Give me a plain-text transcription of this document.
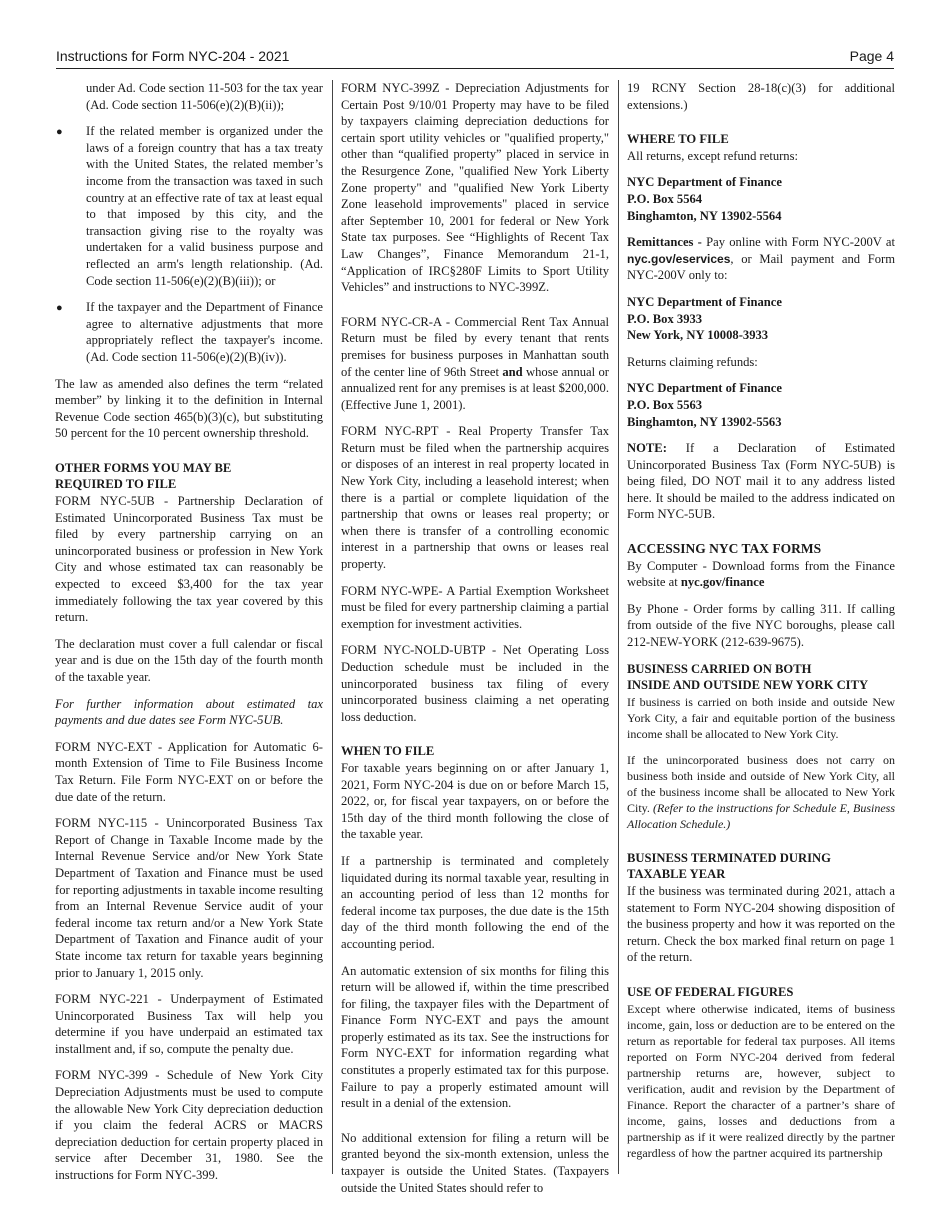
Instructions for Form NYC-204 - 2021	Page 4

under Ad. Code section 11-503 for the tax year (Ad. Code section 11-506(e)(2)(B)(ii));

● If the related member is organized under the laws of a foreign country that has a tax treaty with the United States, the related member’s income from the transaction was taxed in such country at an effective rate of tax at least equal to that imposed by this city, and the transaction giving rise to the royalty was undertaken for a valid business purpose and reflected an arm's length relationship. (Ad. Code section 11-506(e)(2)(B)(iii)); or
● If the taxpayer and the Department of Finance agree to alternative adjustments that more appropriately reflect the taxpayer's income. (Ad. Code section 11-506(e)(2)(B)(iv)).

The law as amended also defines the term “related member” by linking it to the definition in Internal Revenue Code section 465(b)(3)(c), but substituting 50 percent for the 10 percent ownership threshold.

OTHER FORMS YOU MAY BE
REQUIRED TO FILE

FORM NYC-5UB - Partnership Declaration of Estimated Unincorporated Business Tax must be filed by every partnership carrying on an unincorporated business or profession in New York City and whose estimated tax can reasonably be expected to exceed $3,400 for the tax year immediately following the tax year covered by this return.

The declaration must cover a full calendar or fiscal year and is due on the 15th day of the fourth month of the taxable year.

For further information about estimated tax payments and due dates see Form NYC-5UB.

FORM NYC-EXT - Application for Automatic 6-month Extension of Time to File Business Income Tax Return. File Form NYC-EXT on or before the due date of the return.

FORM NYC-115 - Unincorporated Business Tax Report of Change in Taxable Income made by the Internal Revenue Service and/or New York State Department of Taxation and Finance must be used for reporting adjustments in taxable income resulting from an Internal Revenue Service audit of your federal income tax return and/or a New York State Department of Taxation and Finance audit of your State income tax return for taxable years beginning prior to January 1, 2015 only.

FORM NYC-221 - Underpayment of Estimated Unincorporated Business Tax will help you determine if you have underpaid an estimated tax installment and, if so, compute the penalty due.

FORM NYC-399 - Schedule of New York City Depreciation Adjustments must be used to compute the allowable New York City depreciation deduction if you claim the federal ACRS or MACRS depreciation deduction for certain property placed in service after December 31, 1980. See the instructions for Form NYC-399.

FORM NYC-399Z - Depreciation Adjustments for Certain Post 9/10/01 Property may have to be filed by taxpayers claiming depreciation deductions for certain sport utility vehicles or "qualified property," other than “qualified property” placed in service in the Resurgence Zone, "qualified New York Liberty Zone property" and "qualified New York Liberty Zone leasehold improvements" placed in service after September 10, 2001 for federal or New York State tax purposes. See “Highlights of Recent Tax Law Changes”, Finance Memorandum 21-1, “Application of IRC§280F Limits to Sport Utility Vehicles” and instructions to NYC-399Z.

FORM NYC-CR-A - Commercial Rent Tax Annual Return must be filed by every tenant that rents premises for business purposes in Manhattan south of the center line of 96th Street and whose annual or annualized rent for any premises is at least $200,000. (Effective June 1, 2001).

FORM NYC-RPT - Real Property Transfer Tax Return must be filed when the partnership acquires or disposes of an interest in real property located in New York City, including a leasehold interest; when there is a partial or complete liquidation of the partnership that owns or leases real property; or when there is transfer of a controlling economic interest in a partnership that owns or leases real property.

FORM NYC-WPE- A Partial Exemption Worksheet must be filed for every partnership claiming a partial exemption for investment activities.

FORM NYC-NOLD-UBTP - Net Operating Loss Deduction schedule must be included in the unincorporated business tax filing of every unincorporated business claiming a net operating loss deduction.

WHEN TO FILE

For taxable years beginning on or after January 1, 2021, Form NYC-204 is due on or before March 15, 2022, or, for fiscal year taxpayers, on or before the 15th day of the third month following the close of the taxable year.

If a partnership is terminated and completely liquidated during its normal taxable year, resulting in an accounting period of less than 12 months for federal income tax purposes, the due date is the 15th day of the third month following the end of the accounting period.

An automatic extension of six months for filing this return will be allowed if, within the time prescribed for filing, the taxpayer files with the Department of Finance Form NYC-EXT and pays the amount properly estimated as its tax. See the instructions for Form NYC-EXT for information regarding what constitutes a properly estimated tax for this purpose. Failure to pay a properly estimated amount will result in a denial of the extension.

No additional extension for filing a return will be granted beyond the six-month extension, unless the taxpayer is outside the United States. (Taxpayers outside the United States should refer to

19 RCNY Section 28-18(c)(3) for additional extensions.)

WHERE TO FILE

All returns, except refund returns:

NYC Department of Finance
P.O. Box 5564
Binghamton, NY 13902-5564

Remittances - Pay online with Form NYC-200V at nyc.gov/eservices, or Mail payment and Form NYC-200V only to:

NYC Department of Finance
P.O. Box 3933
New York, NY 10008-3933

Returns claiming refunds:

NYC Department of Finance
P.O. Box 5563
Binghamton, NY 13902-5563

NOTE: If a Declaration of Estimated Unincorporated Business Tax (Form NYC-5UB) is being filed, DO NOT mail it to any address listed here. It should be mailed to the address indicated on Form NYC-5UB.

ACCESSING NYC TAX FORMS

By Computer - Download forms from the Finance website at nyc.gov/finance

By Phone - Order forms by calling 311. If calling from outside of the five NYC boroughs, please call 212-NEW-YORK (212-639-9675).

BUSINESS CARRIED ON BOTH
INSIDE AND OUTSIDE NEW YORK CITY

If business is carried on both inside and outside New York City, a fair and equitable portion of the business income shall be allocated to New York City.

If the unincorporated business does not carry on business both inside and outside of New York City, all of the business income shall be allocated to New York City. (Refer to the instructions for Schedule E, Business Allocation Schedule.)

BUSINESS TERMINATED DURING
TAXABLE YEAR

If the business was terminated during 2021, attach a statement to Form NYC-204 showing disposition of the business property and how it was reported on the return. Check the box marked final return on page 1 of the return.

USE OF FEDERAL FIGURES

Except where otherwise indicated, items of business income, gain, loss or deduction are to be entered on the return as reportable for federal tax purposes. All items reported on Form NYC-204 derived from federal partnership returns are, however, subject to verification, audit and revision by the Department of Finance. Report the character of a partner’s share of income, gains, losses and deductions from a partnership as if it were realized directly by the partner regardless of how the partner acquired its partnership
